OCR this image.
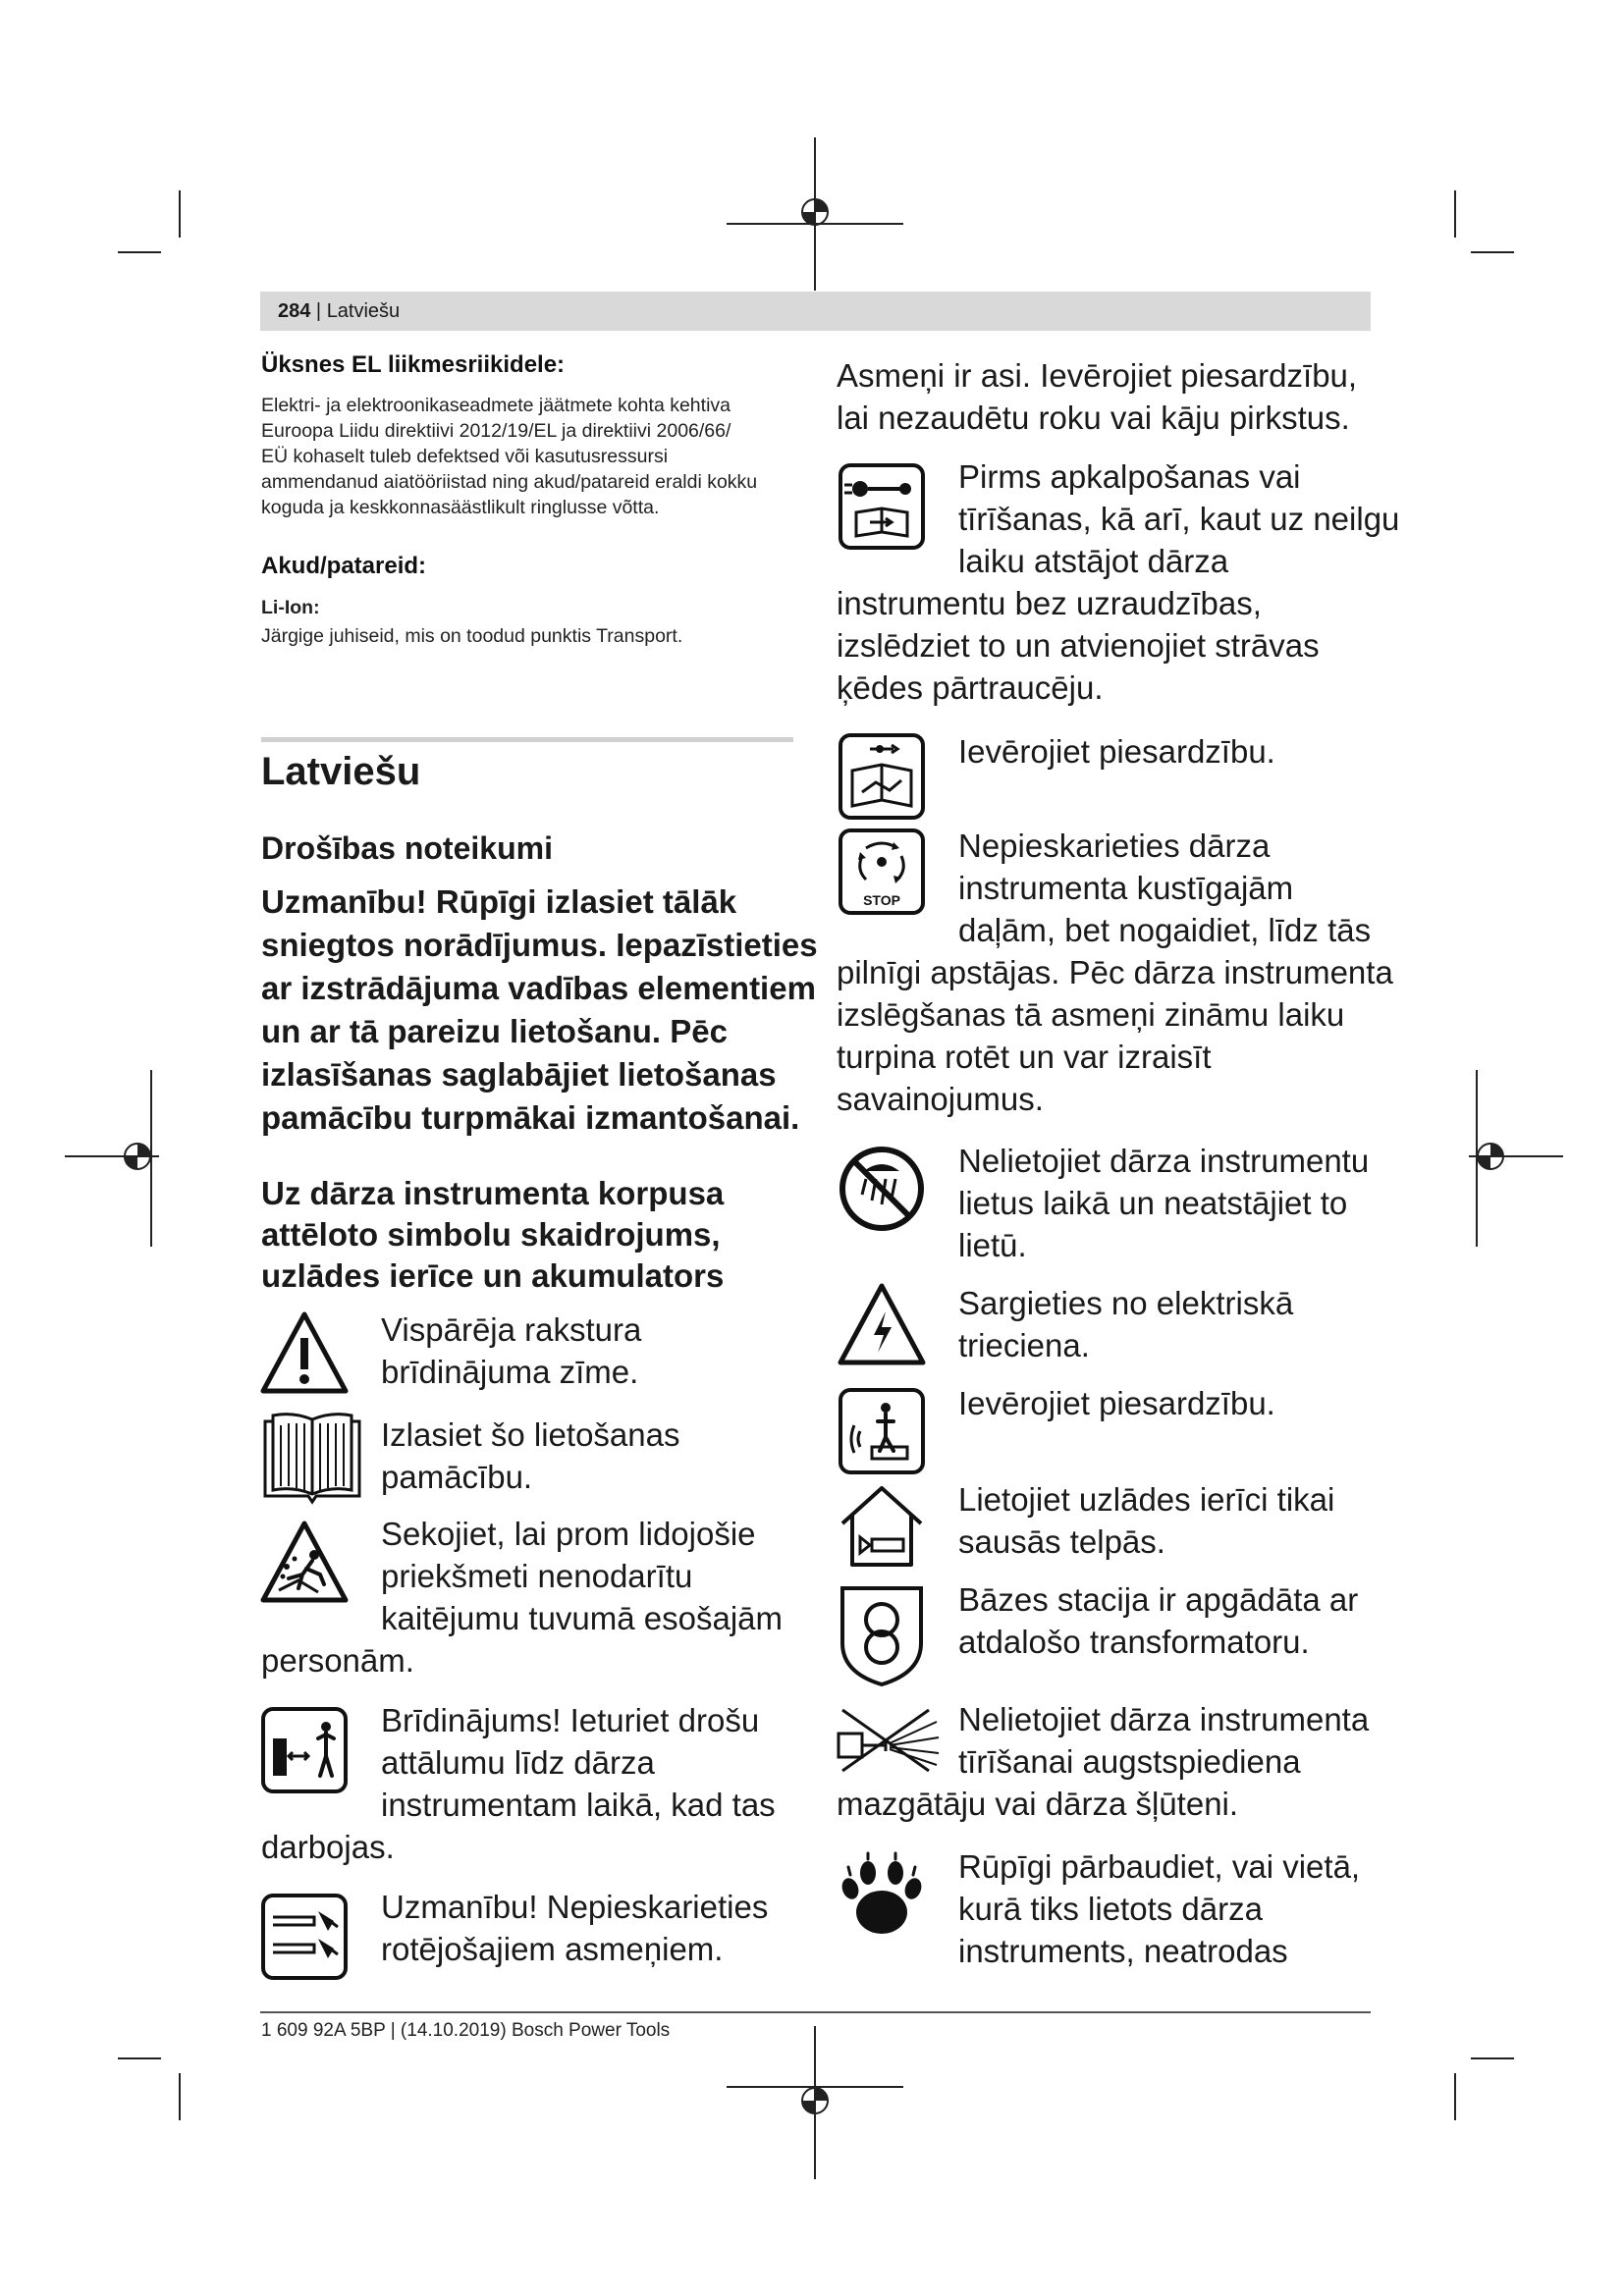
284 | Latviešu
Üksnes EL liikmesriikidele:
Elektri- ja elektroonikaseadmete jäätmete kohta kehtiva
Euroopa Liidu direktiivi 2012/19/EL ja direktiivi 2006/66/
EÜ kohaselt tuleb defektsed või kasutusressursi
ammendanud aiatööriistad ning akud/patareid eraldi kokku
koguda ja keskkonnasäästlikult ringlusse võtta.
Akud/patareid:
Li-Ion:
Järgige juhiseid, mis on toodud punktis Transport.
Latviešu
Drošības noteikumi
Uzmanību! Rūpīgi izlasiet tālāk
sniegtos norādījumus. Iepazīstieties
ar izstrādājuma vadības elementiem
un ar tā pareizu lietošanu. Pēc
izlasīšanas saglabājiet lietošanas
pamācību turpmākai izmantošanai.
Uz dārza instrumenta korpusa
attēloto simbolu skaidrojums,
uzlādes ierīce un akumulators
Vispārēja rakstura
brīdinājuma zīme.
Izlasiet šo lietošanas
pamācību.
Sekojiet, lai prom lidojošie
priekšmeti nenodarītu
kaitējumu tuvumā esošajām
personām.
Brīdinājums! Ieturiet drošu
attālumu līdz dārza
instrumentam laikā, kad tas
darbojas.
Uzmanību! Nepieskarieties
rotējošajiem asmeņiem.
Asmeņi ir asi. Ievērojiet piesardzību,
lai nezaudētu roku vai kāju pirkstus.
Pirms apkalpošanas vai
tīrīšanas, kā arī, kaut uz neilgu
laiku atstājot dārza
instrumentu bez uzraudzības,
izslēdziet to un atvienojiet strāvas
ķēdes pārtraucēju.
Ievērojiet piesardzību.
STOP
Nepieskarieties dārza
instrumenta kustīgajām
daļām, bet nogaidiet, līdz tās
pilnīgi apstājas. Pēc dārza instrumenta
izslēgšanas tā asmeņi zināmu laiku
turpina rotēt un var izraisīt
savainojumus.
Nelietojiet dārza instrumentu
lietus laikā un neatstājiet to
lietū.
Sargieties no elektriskā
trieciena.
Ievērojiet piesardzību.
Lietojiet uzlādes ierīci tikai
sausās telpās.
Bāzes stacija ir apgādāta ar
atdalošo transformatoru.
Nelietojiet dārza instrumenta
tīrīšanai augstspiediena
mazgātāju vai dārza šļūteni.
Rūpīgi pārbaudiet, vai vietā,
kurā tiks lietots dārza
instruments, neatrodas
1 609 92A 5BP | (14.10.2019) Bosch Power Tools
